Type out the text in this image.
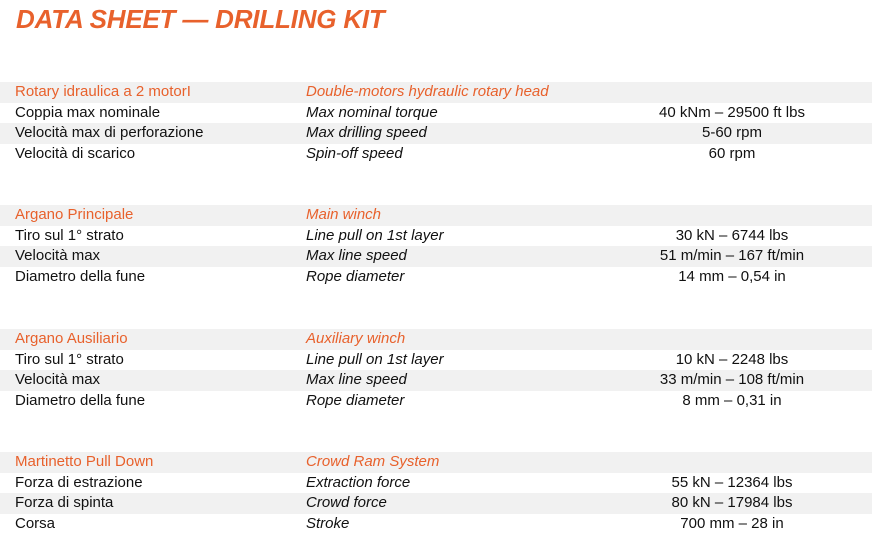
DATA SHEET — DRILLING KIT
Rotary idraulica a 2 motorI	Double-motors hydraulic rotary head
Coppia max nominale	Max nominal torque	40 kNm – 29500 ft lbs
Velocità max di perforazione	Max drilling speed	5-60 rpm
Velocità di scarico	Spin-off speed	60 rpm
Argano Principale	Main winch
Tiro sul 1° strato	Line pull on 1st layer	30 kN – 6744 lbs
Velocità max	Max line speed	51 m/min – 167 ft/min
Diametro della fune	Rope diameter	14 mm – 0,54 in
Argano Ausiliario	Auxiliary winch
Tiro sul 1° strato	Line pull on 1st layer	10 kN – 2248 lbs
Velocità max	Max line speed	33 m/min – 108 ft/min
Diametro della fune	Rope diameter	8 mm – 0,31 in
Martinetto Pull Down	Crowd Ram System
Forza di estrazione	Extraction force	55 kN – 12364 lbs
Forza di spinta	Crowd force	80 kN – 17984 lbs
Corsa	Stroke	700 mm – 28 in
